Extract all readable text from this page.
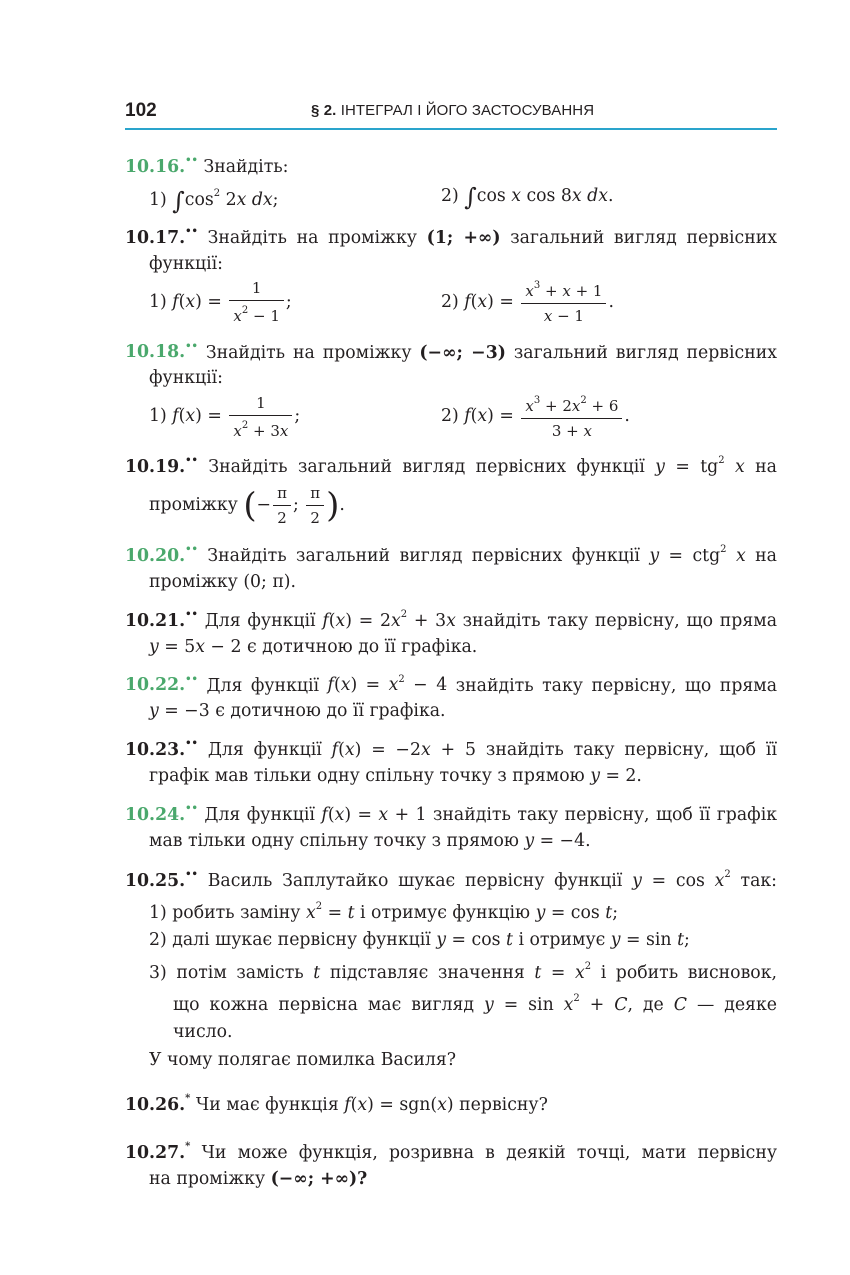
102	§ 2. ІНТЕГРАЛ І ЙОГО ЗАСТОСУВАННЯ
10.16.•• Знайдіть:
1) $\int\cos^2$ 2x dx;	2) ∫cos x cos 8x dx.
10.17.•• Знайдіть на проміжку (1; +∞) загальний вигляд первісних
функції:
1) $f(x) = \frac{1}{x^2 - 1}$ ;	2) $f(x) = \frac{x^3 + x + 1}{x - 1}$ .
10.18.•• Знайдіть на проміжку (−∞; −3) загальний вигляд первісних
функції:
1) $f(x) = \frac{1}{x^2 + 3x}$ ;	2) $f(x) = \frac{x^3 + 2x^2 + 6}{3 + x}$ .
10.19.•• Знайдіть загальний вигляд первісних функції $y = tg^2$ x на
проміжку (− $\frac{\pi}{2}$ ; $\frac{\pi}{2}$ ).
10.20.•• Знайдіть загальний вигляд первісних функції y = ctg$^2$ x на
проміжку (0; π).
10.21.•• Для функції $f(x) = 2x^2 + 3x$ знайдіть таку первісну, що пряма
y = 5x − 2 є дотичною до її графіка.
10.22.•• Для функції $f(x) = x^2 - 4$ знайдіть таку первісну, що пряма
y = −3 є дотичною до її графіка.
10.23.•• Для функції f(x) = −2x + 5 знайдіть таку первісну, щоб її
графік мав тільки одну спільну точку з прямою y = 2.
10.24.•• Для функції f(x) = x + 1 знайдіть таку первісну, щоб її графік
мав тільки одну спільну точку з прямою y = −4.
10.25.•• Василь Заплутайко шукає первісну функції $y = \cos x^2$ так:
1) робить заміну $x^2 = t$ і отримує функцію y = cos t;
2) далі шукає первісну функції y = cos t і отримує y = sin t;
3) потім замість t підставляє значення $t = x^2$ і робить висновок,
що кожна первісна має вигляд $y = \sin x^2 + C$, де C — деяке
число.
У чому полягає помилка Василя?
10.26.* Чи має функція f(x) = sgn(x) первісну?
10.27.* Чи може функція, розривна в деякій точці, мати первісну
на проміжку (−∞; +∞)?
